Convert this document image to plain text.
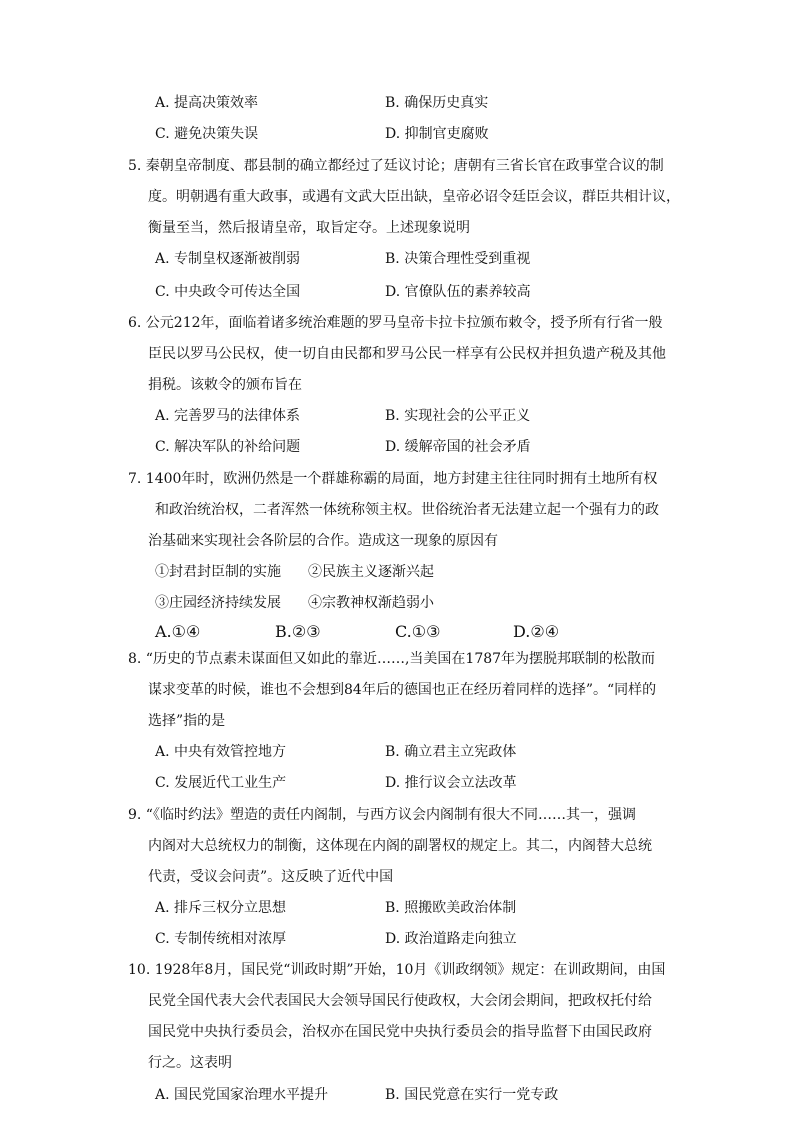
A. 提高决策效率	B. 确保历史真实
C. 避免决策失误	D. 抑制官吏腐败
5. 秦朝皇帝制度、郡县制的确立都经过了廷议讨论；唐朝有三省长官在政事堂合议的制
度。明朝遇有重大政事，或遇有文武大臣出缺，皇帝必诏令廷臣会议，群臣共相计议，
衡量至当，然后报请皇帝，取旨定夺。上述现象说明
A. 专制皇权逐渐被削弱	B. 决策合理性受到重视
C. 中央政令可传达全国	D. 官僚队伍的素养较高
6. 公元212年，面临着诸多统治难题的罗马皇帝卡拉卡拉颁布敕令，授予所有行省一般
臣民以罗马公民权，使一切自由民都和罗马公民一样享有公民权并担负遗产税及其他
捐税。该敕令的颁布旨在
A. 完善罗马的法律体系	B. 实现社会的公平正义
C. 解决军队的补给问题	D. 缓解帝国的社会矛盾
7. 1400年时，欧洲仍然是一个群雄称霸的局面，地方封建主往往同时拥有土地所有权
和政治统治权，二者浑然一体统称领主权。世俗统治者无法建立起一个强有力的政
治基础来实现社会各阶层的合作。造成这一现象的原因有
①封君封臣制的实施 ②民族主义逐渐兴起
③庄园经济持续发展 ④宗教神权渐趋弱小
A.①④	B.②③	C.①③	D.②④
8. “历史的节点素未谋面但又如此的靠近……,当美国在1787年为摆脱邦联制的松散而
谋求变革的时候，谁也不会想到84年后的德国也正在经历着同样的选择”。“同样的
选择”指的是
A. 中央有效管控地方	B. 确立君主立宪政体
C. 发展近代工业生产	D. 推行议会立法改革
9. “《临时约法》塑造的责任内阁制，与西方议会内阁制有很大不同……其一，强调
内阁对大总统权力的制衡，这体现在内阁的副署权的规定上。其二，内阁替大总统
代责，受议会问责”。这反映了近代中国
A. 排斥三权分立思想	B. 照搬欧美政治体制
C. 专制传统相对浓厚	D. 政治道路走向独立
10. 1928年8月，国民党“训政时期”开始，10月《训政纲领》规定：在训政期间，由国
民党全国代表大会代表国民大会领导国民行使政权，大会闭会期间，把政权托付给
国民党中央执行委员会，治权亦在国民党中央执行委员会的指导监督下由国民政府
行之。这表明
A. 国民党国家治理水平提升	B. 国民党意在实行一党专政
